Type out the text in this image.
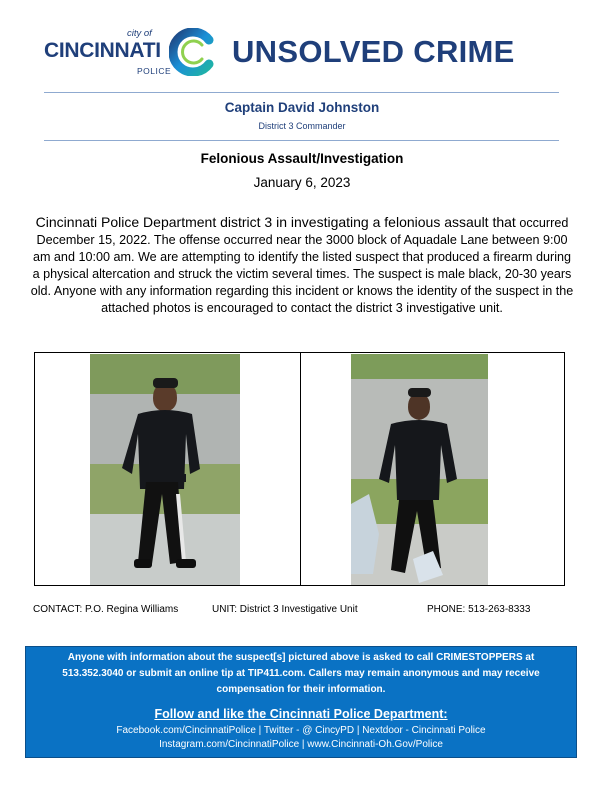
city of
CINCINNATI
POLICE
UNSOLVED CRIME
Captain David Johnston
District 3 Commander
Felonious Assault/Investigation
January 6, 2023
Cincinnati Police Department district 3 in investigating a felonious assault that occurred December 15, 2022. The offense occurred near the 3000 block of Aquadale Lane between 9:00 am and 10:00 am. We are attempting to identify the listed suspect that produced a firearm during a physical altercation and struck the victim several times. The suspect is male black, 20-30 years old. Anyone with any information regarding this incident or knows the identity of the suspect in the attached photos is encouraged to contact the district 3 investigative unit.
CONTACT: P.O. Regina Williams	UNIT: District 3 Investigative Unit	PHONE: 513-263-8333
Anyone with information about the suspect[s] pictured above is asked to call CRIMESTOPPERS at 513.352.3040 or submit an online tip at TIP411.com. Callers may remain anonymous and may receive compensation for their information.
Follow and like the Cincinnati Police Department:
Facebook.com/CincinnatiPolice | Twitter - @ CincyPD | Nextdoor - Cincinnati Police
Instagram.com/CincinnatiPolice | www.Cincinnati-Oh.Gov/Police
